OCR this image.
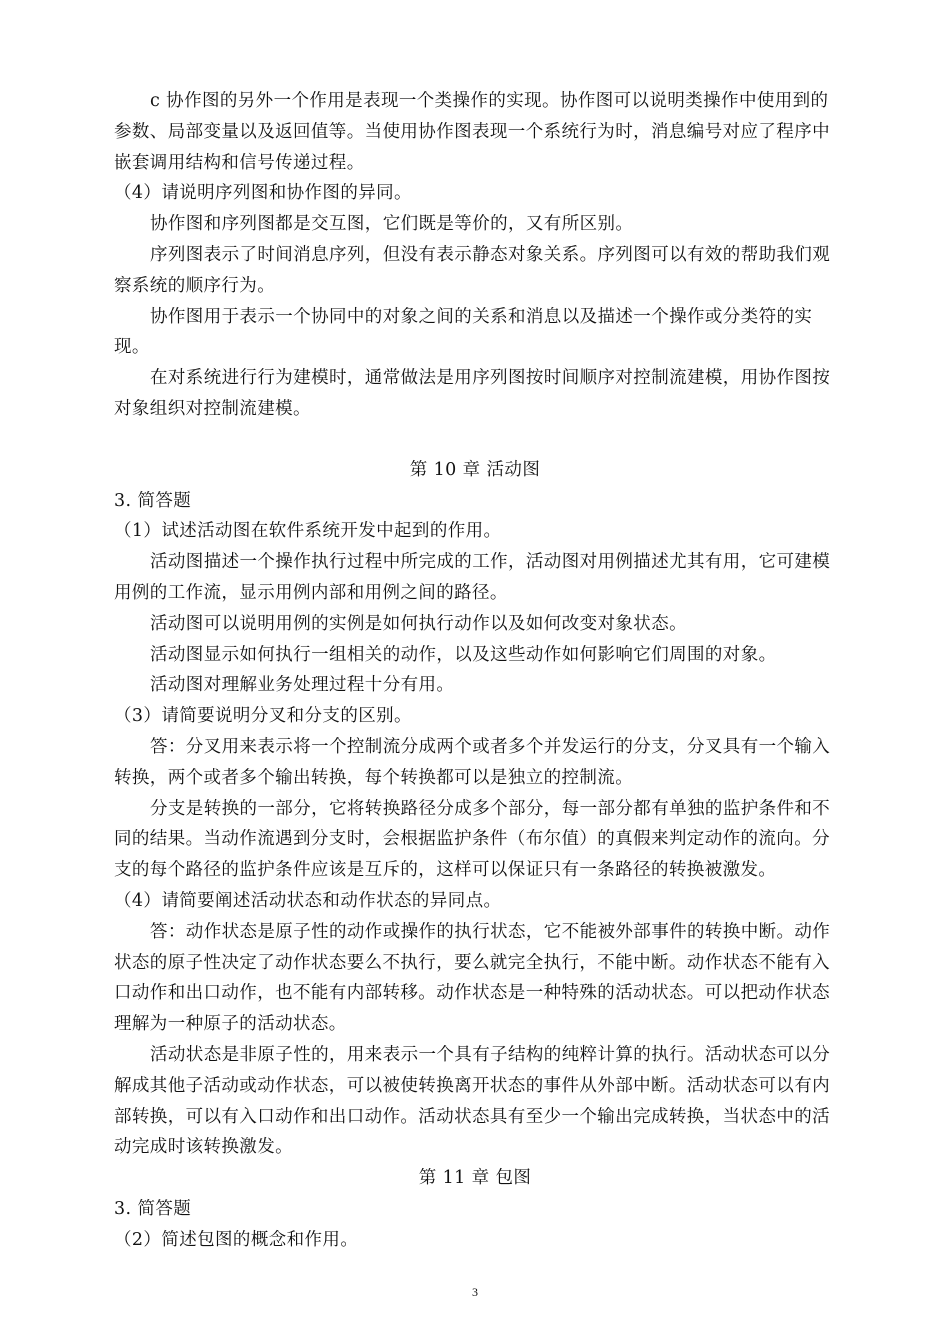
c 协作图的另外一个作用是表现一个类操作的实现。协作图可以说明类操作中使用到的参数、局部变量以及返回值等。当使用协作图表现一个系统行为时，消息编号对应了程序中嵌套调用结构和信号传递过程。

（4）请说明序列图和协作图的异同。

协作图和序列图都是交互图，它们既是等价的，又有所区别。

序列图表示了时间消息序列，但没有表示静态对象关系。序列图可以有效的帮助我们观察系统的顺序行为。

协作图用于表示一个协同中的对象之间的关系和消息以及描述一个操作或分类符的实现。

在对系统进行行为建模时，通常做法是用序列图按时间顺序对控制流建模，用协作图按对象组织对控制流建模。

第 10 章 活动图

3. 简答题

（1）试述活动图在软件系统开发中起到的作用。

活动图描述一个操作执行过程中所完成的工作，活动图对用例描述尤其有用，它可建模用例的工作流，显示用例内部和用例之间的路径。

活动图可以说明用例的实例是如何执行动作以及如何改变对象状态。

活动图显示如何执行一组相关的动作，以及这些动作如何影响它们周围的对象。

活动图对理解业务处理过程十分有用。

（3）请简要说明分叉和分支的区别。

答：分叉用来表示将一个控制流分成两个或者多个并发运行的分支，分叉具有一个输入转换，两个或者多个输出转换，每个转换都可以是独立的控制流。

分支是转换的一部分，它将转换路径分成多个部分，每一部分都有单独的监护条件和不同的结果。当动作流遇到分支时，会根据监护条件（布尔值）的真假来判定动作的流向。分支的每个路径的监护条件应该是互斥的，这样可以保证只有一条路径的转换被激发。

（4）请简要阐述活动状态和动作状态的异同点。

答：动作状态是原子性的动作或操作的执行状态，它不能被外部事件的转换中断。动作状态的原子性决定了动作状态要么不执行，要么就完全执行，不能中断。动作状态不能有入口动作和出口动作，也不能有内部转移。动作状态是一种特殊的活动状态。可以把动作状态理解为一种原子的活动状态。

活动状态是非原子性的，用来表示一个具有子结构的纯粹计算的执行。活动状态可以分解成其他子活动或动作状态，可以被使转换离开状态的事件从外部中断。活动状态可以有内部转换，可以有入口动作和出口动作。活动状态具有至少一个输出完成转换，当状态中的活动完成时该转换激发。

第 11 章 包图

3. 简答题

（2）简述包图的概念和作用。

3
